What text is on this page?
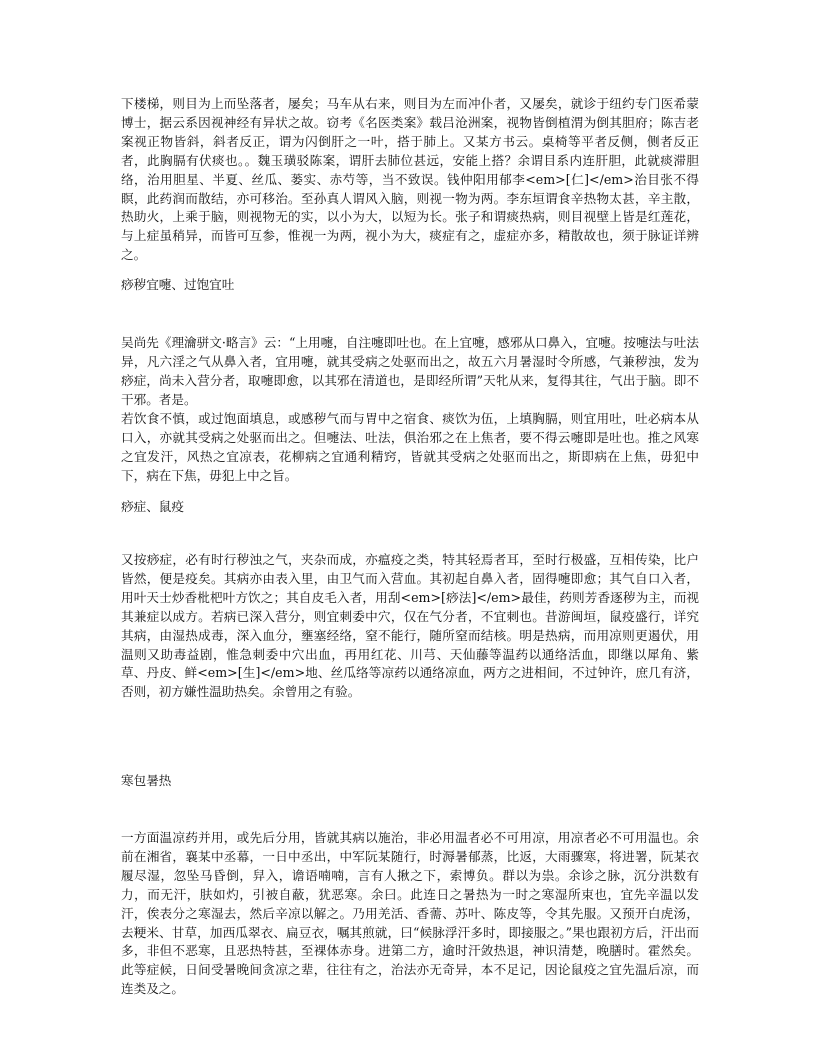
下楼梯，则目为上而坠落者，屡矣；马车从右来，则目为左而冲仆者，又屡矣，就诊于纽约专门医希蒙博士，据云系因视神经有异状之故。窃考《名医类案》载吕沧洲案，视物皆倒植渭为倒其胆府；陈吉老案视正物皆斜，斜者反正，谓为闪倒肝之一叶，搭于肺上。又某方书云。桌椅等平者反侧，侧者反正者，此胸膈有伏痰也。。魏玉璜驳陈案，谓肝去肺位甚远，安能上搭？余谓目系内连肝胆，此就痰滞胆络，治用胆星、半夏、丝瓜、蒌实、赤芍等，当不致误。钱仲阳用郁李<em>[仁]</em>治目张不得瞑，此药润而散结，亦可移治。至孙真人谓风入脑，则视一物为两。李东垣谓食辛热物太甚，辛主散，热助火，上乘于脑，则视物无的实，以小为大，以短为长。张子和谓痰热病，则目视壁上皆是红莲花，与上症虽稍异，而皆可互参，惟视一为两，视小为大，痰症有之，虚症亦多，精散故也，须于脉证详辨之。

痧秽宜嚏、过饱宜吐

吴尚先《理瀹骈文·略言》云：“上用嚏，自注嚏即吐也。在上宜嚏，感邪从口鼻入，宜嚏。按嚏法与吐法异，凡六淫之气从鼻入者，宜用嚏，就其受病之处驱而出之，故五六月暑湿时令所感，气兼秽浊，发为痧症，尚未入营分者，取嚏即愈，以其邪在清道也，是即经所谓”天牝从来，复得其往，气出于脑。即不干邪。者是。

若饮食不慎，或过饱面填息，或感秽气而与胃中之宿食、痰饮为伍，上填胸膈，则宜用吐，吐必病本从口入，亦就其受病之处驱而出之。但嚏法、吐法，俱治邪之在上焦者，要不得云嚏即是吐也。推之风寒之宜发汗，风热之宜凉表，花柳病之宜通利精窍，皆就其受病之处驱而出之，斯即病在上焦，毋犯中下，病在下焦，毋犯上中之旨。

痧症、鼠疫

又按痧症，必有时行秽浊之气，夹杂而成，亦瘟疫之类，特其轻焉者耳，至时行极盛，互相传染，比户皆然，便是疫矣。其病亦由表入里，由卫气而入营血。其初起自鼻入者，固得嚏即愈；其气自口入者，用叶天士炒香枇杷叶方饮之；其自皮毛入者，用刮<em>[痧法]</em>最佳，药则芳香逐秽为主，而视其兼症以成方。若病已深入营分，则宜刺委中穴，仅在气分者，不宜刺也。昔游闽垣，鼠疫盛行，详究其病，由湿热成毒，深入血分，壅塞经络，窒不能行，随所窒而结核。明是热病，而用凉则更遏伏，用温则又助毒益剧，惟急刺委中穴出血，再用红花、川芎、天仙藤等温药以通络活血，即继以犀角、紫草、丹皮、鲜<em>[生]</em>地、丝瓜络等凉药以通络凉血，两方之进相间，不过钟许，庶几有济，否则，初方嫌性温助热矣。余曾用之有验。

寒包暑热

一方面温凉药并用，或先后分用，皆就其病以施治，非必用温者必不可用凉，用凉者必不可用温也。余前在湘省，襄某中丞幕，一日中丞出，中军阮某随行，时溽暑郁蒸，比返，大雨骤寒，将进署，阮某衣履尽湿，忽坠马昏倒，舁入，谵语喃喃，言有人揪之下，索博负。群以为祟。余诊之脉，沉分洪数有力，而无汗，肤如灼，引被自蔽，犹恶寒。余曰。此连日之暑热为一时之寒湿所束也，宜先辛温以发汗，俟表分之寒湿去，然后辛凉以解之。乃用羌活、香薷、苏叶、陈皮等，令其先服。又预开白虎汤，去粳米、甘草，加西瓜翠衣、扁豆衣，嘱其煎就，曰“候脉浮汗多时，即接服之。”果也跟初方后，汗出而多，非但不恶寒，且恶热特甚，至裸体赤身。进第二方，逾时汗敛热退，神识清楚，晚膳时。霍然矣。此等症候，日间受暑晚间贪凉之辈，往往有之，治法亦无奇异，本不足记，因论鼠疫之宜先温后凉，而连类及之。
